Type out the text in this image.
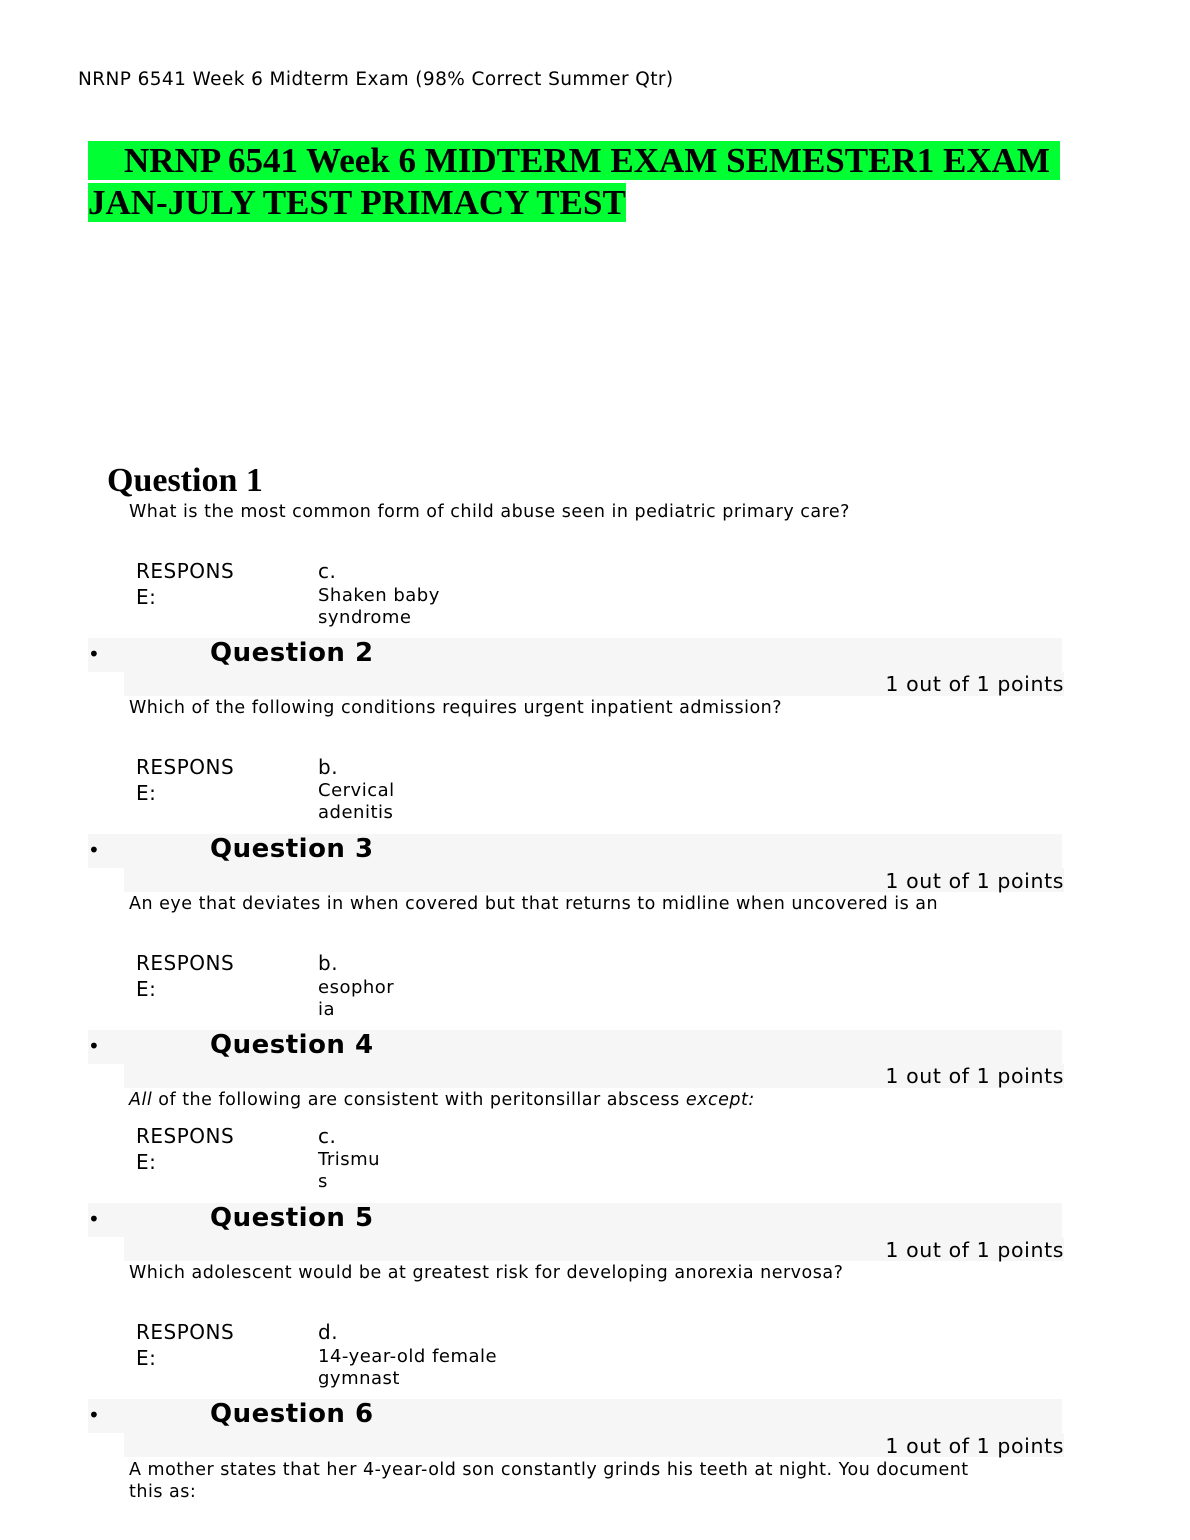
NRNP 6541 Week 6 Midterm Exam (98% Correct Summer Qtr)
NRNP 6541 Week 6 MIDTERM EXAM SEMESTER1 EXAM
JAN-JULY TEST PRIMACY TEST
Question 1
What is the most common form of child abuse seen in pediatric primary care?
RESPONS
E:
c.
Shaken baby
syndrome
•	Question 2
1 out of 1 points
Which of the following conditions requires urgent inpatient admission?
RESPONS
E:
b.
Cervical
adenitis
•	Question 3
1 out of 1 points
An eye that deviates in when covered but that returns to midline when uncovered is an
RESPONS
E:
b.
esophor
ia
•	Question 4
1 out of 1 points
All of the following are consistent with peritonsillar abscess except:
RESPONS
E:
c.
Trismu
s
•	Question 5
1 out of 1 points
Which adolescent would be at greatest risk for developing anorexia nervosa?
RESPONS
E:
d.
14-year-old female
gymnast
•	Question 6
1 out of 1 points
A mother states that her 4-year-old son constantly grinds his teeth at night. You document
this as:
